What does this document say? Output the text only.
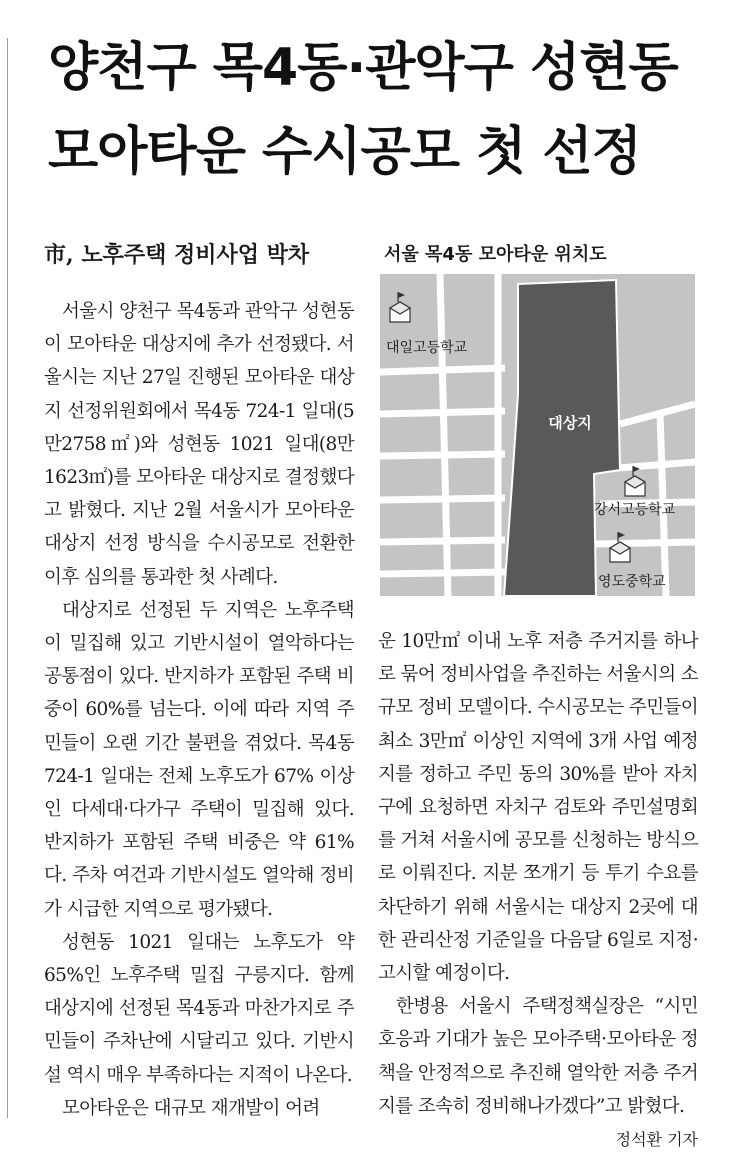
양천구 목4동·관악구 성현동
모아타운 수시공모 첫 선정
市, 노후주택 정비사업 박차	서울 목4동 모아타운 위치도

서울시 양천구 목4동과 관악구 성현동이 모아타운 대상지에 추가 선정됐다. 서울시는 지난 27일 진행된 모아타운 대상지 선정위원회에서 목4동 724-1 일대(5만2758㎡)와 성현동 1021 일대(8만1623㎡)를 모아타운 대상지로 결정했다고 밝혔다. 지난 2월 서울시가 모아타운 대상지 선정 방식을 수시공모로 전환한 이후 심의를 통과한 첫 사례다.

대상지로 선정된 두 지역은 노후주택이 밀집해 있고 기반시설이 열악하다는 공통점이 있다. 반지하가 포함된 주택 비중이 60%를 넘는다. 이에 따라 지역 주민들이 오랜 기간 불편을 겪었다. 목4동 724-1 일대는 전체 노후도가 67% 이상인 다세대·다가구 주택이 밀집해 있다. 반지하가 포함된 주택 비중은 약 61%다. 주차 여건과 기반시설도 열악해 정비가 시급한 지역으로 평가됐다.

성현동 1021 일대는 노후도가 약 65%인 노후주택 밀집 구릉지다. 함께 대상지에 선정된 목4동과 마찬가지로 주민들이 주차난에 시달리고 있다. 기반시설 역시 매우 부족하다는 지적이 나온다.

모아타운은 대규모 재개발이 어려

운 10만㎡ 이내 노후 저층 주거지를 하나로 묶어 정비사업을 추진하는 서울시의 소규모 정비 모델이다. 수시공모는 주민들이 최소 3만㎡ 이상인 지역에 3개 사업 예정지를 정하고 주민 동의 30%를 받아 자치구에 요청하면 자치구 검토와 주민설명회를 거쳐 서울시에 공모를 신청하는 방식으로 이뤄진다. 지분 쪼개기 등 투기 수요를 차단하기 위해 서울시는 대상지 2곳에 대한 관리산정 기준일을 다음달 6일로 지정·고시할 예정이다.

한병용 서울시 주택정책실장은 “시민 호응과 기대가 높은 모아주택·모아타운 정책을 안정적으로 추진해 열악한 저층 주거지를 조속히 정비해나가겠다”고 밝혔다.
정석환 기자

대상지
대일고등학교
강서고등학교
영도중학교
